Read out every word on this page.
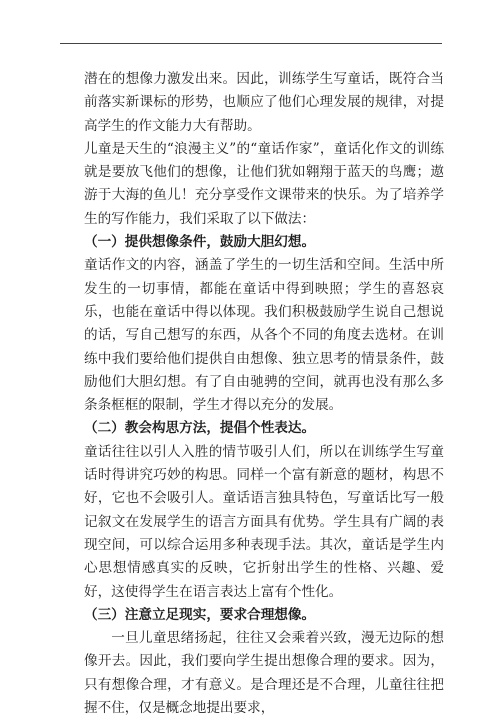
潜在的想像力激发出来。因此，训练学生写童话，既符合当前落实新课标的形势，也顺应了他们心理发展的规律，对提高学生的作文能力大有帮助。

儿童是天生的“浪漫主义”的“童话作家”，童话化作文的训练就是要放飞他们的想像，让他们犹如翱翔于蓝天的鸟鹰；遨游于大海的鱼儿！充分享受作文课带来的快乐。为了培养学生的写作能力，我们采取了以下做法：

（一）提供想像条件，鼓励大胆幻想。

童话作文的内容，涵盖了学生的一切生活和空间。生活中所发生的一切事情，都能在童话中得到映照；学生的喜怒哀乐，也能在童话中得以体现。我们积极鼓励学生说自己想说的话，写自己想写的东西，从各个不同的角度去选材。在训练中我们要给他们提供自由想像、独立思考的情景条件，鼓励他们大胆幻想。有了自由驰骋的空间，就再也没有那么多条条框框的限制，学生才得以充分的发展。

（二）教会构思方法，提倡个性表达。

童话往往以引人入胜的情节吸引人们，所以在训练学生写童话时得讲究巧妙的构思。同样一个富有新意的题材，构思不好，它也不会吸引人。童话语言独具特色，写童话比写一般记叙文在发展学生的语言方面具有优势。学生具有广阔的表现空间，可以综合运用多种表现手法。其次，童话是学生内心思想情感真实的反映，它折射出学生的性格、兴趣、爱好，这使得学生在语言表达上富有个性化。

（三）注意立足现实，要求合理想像。

一旦儿童思绪扬起，往往又会乘着兴致，漫无边际的想像开去。因此，我们要向学生提出想像合理的要求。因为，只有想像合理，才有意义。是合理还是不合理，儿童往往把握不住，仅是概念地提出要求，
